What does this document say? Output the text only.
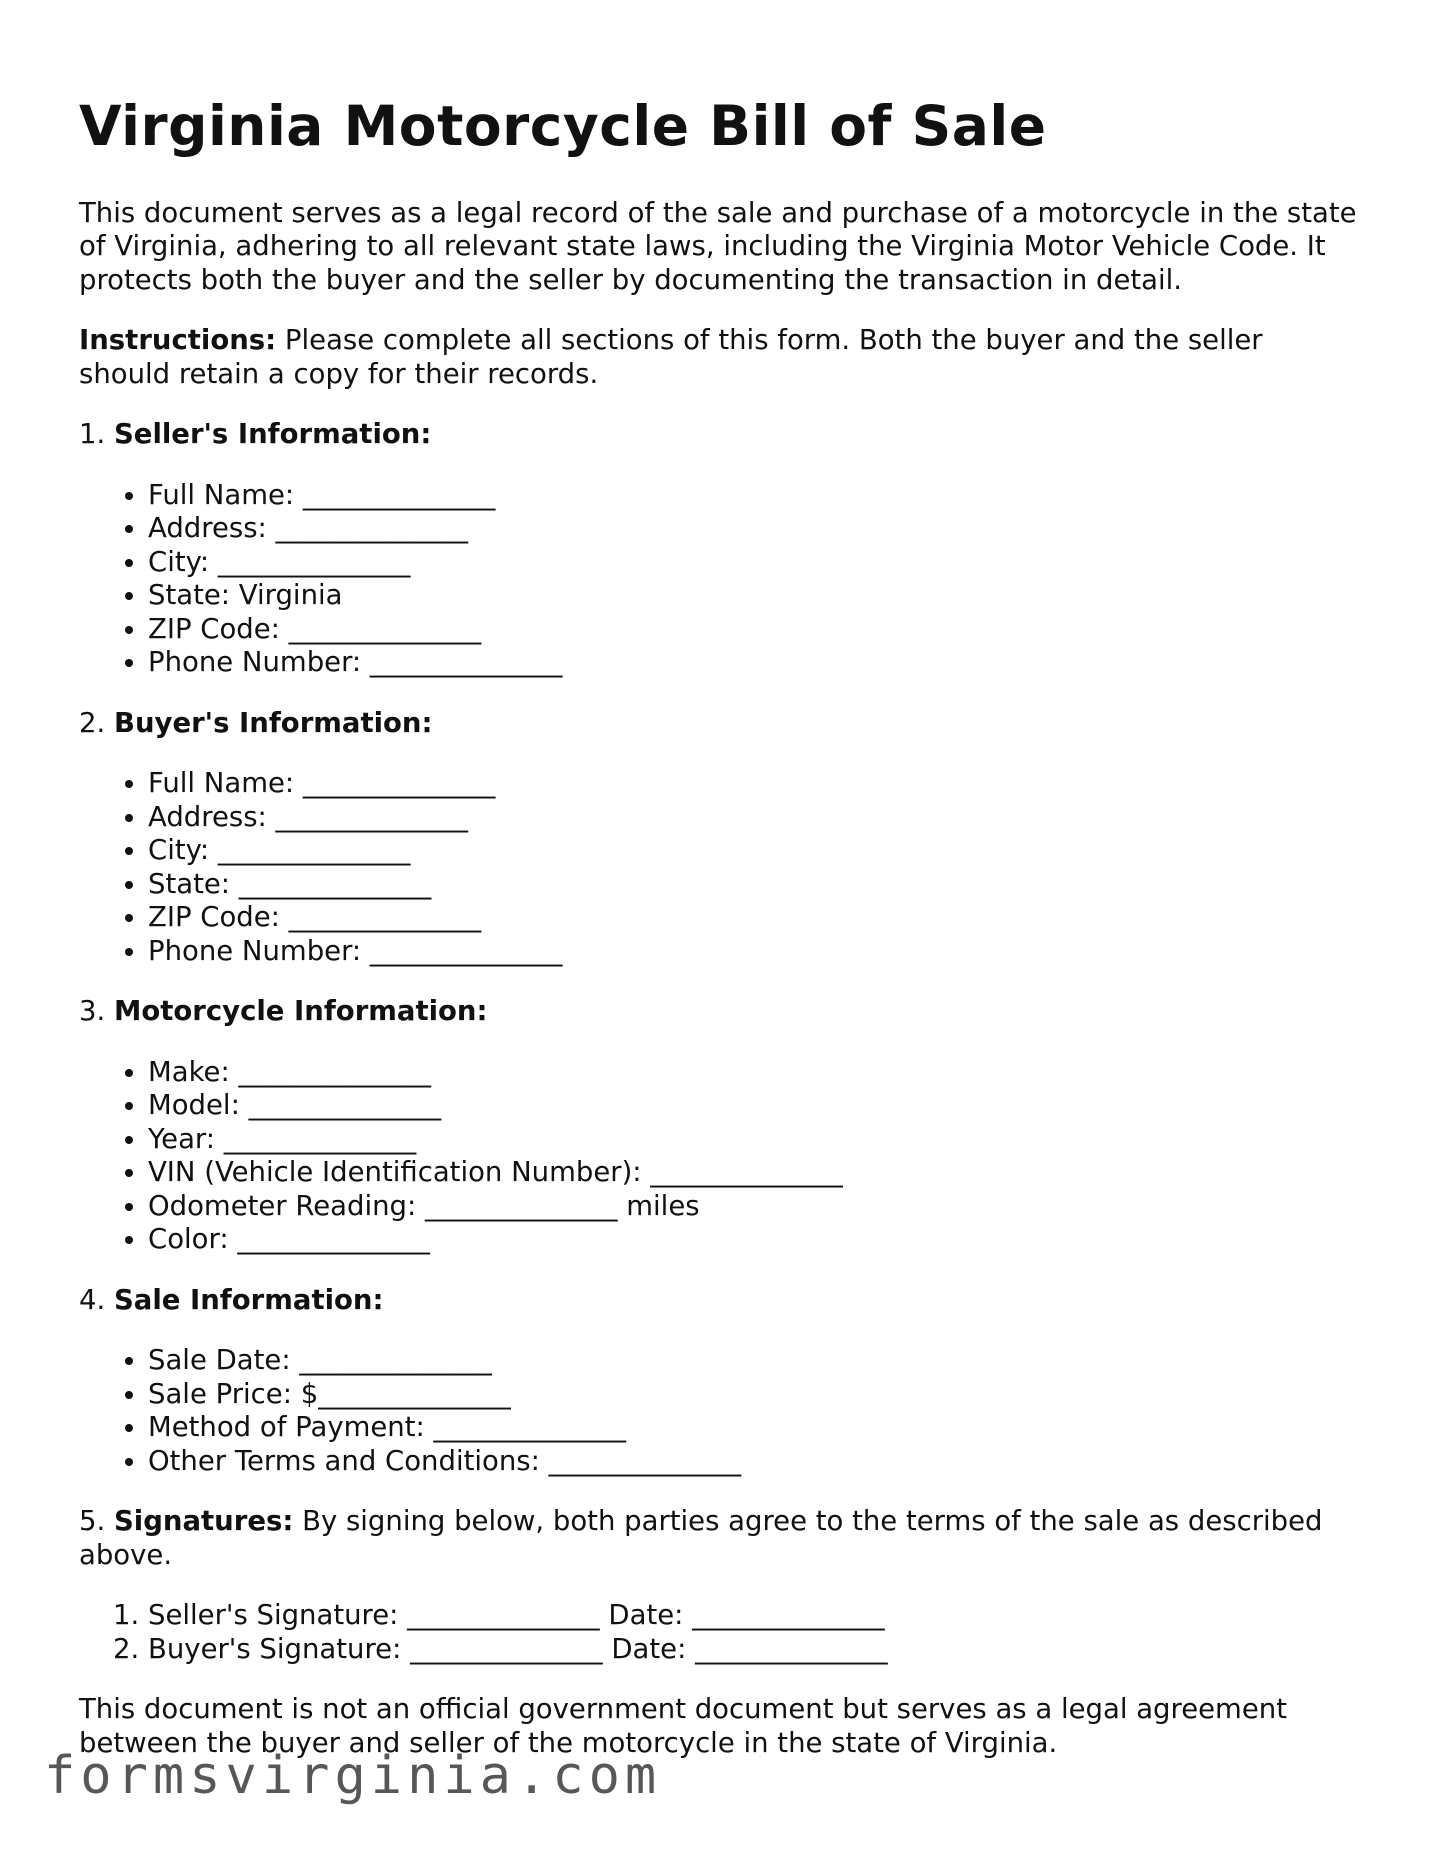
Virginia Motorcycle Bill of Sale

This document serves as a legal record of the sale and purchase of a motorcycle in the state of Virginia, adhering to all relevant state laws, including the Virginia Motor Vehicle Code. It protects both the buyer and the seller by documenting the transaction in detail.

Instructions: Please complete all sections of this form. Both the buyer and the seller should retain a copy for their records.

1. Seller's Information:
• Full Name: ______________
• Address: ______________
• City: ______________
• State: Virginia
• ZIP Code: ______________
• Phone Number: ______________
2. Buyer's Information:
• Full Name: ______________
• Address: ______________
• City: ______________
• State: ______________
• ZIP Code: ______________
• Phone Number: ______________
3. Motorcycle Information:
• Make: ______________
• Model: ______________
• Year: ______________
• VIN (Vehicle Identification Number): ______________
• Odometer Reading: ______________ miles
• Color: ______________
4. Sale Information:
• Sale Date: ______________
• Sale Price: $______________
• Method of Payment: ______________
• Other Terms and Conditions: ______________
5. Signatures: By signing below, both parties agree to the terms of the sale as described above.
1. Seller's Signature: ______________ Date: ______________
2. Buyer's Signature: ______________ Date: ______________

This document is not an official government document but serves as a legal agreement between the buyer and seller of the motorcycle in the state of Virginia.

formsvirginia.com
